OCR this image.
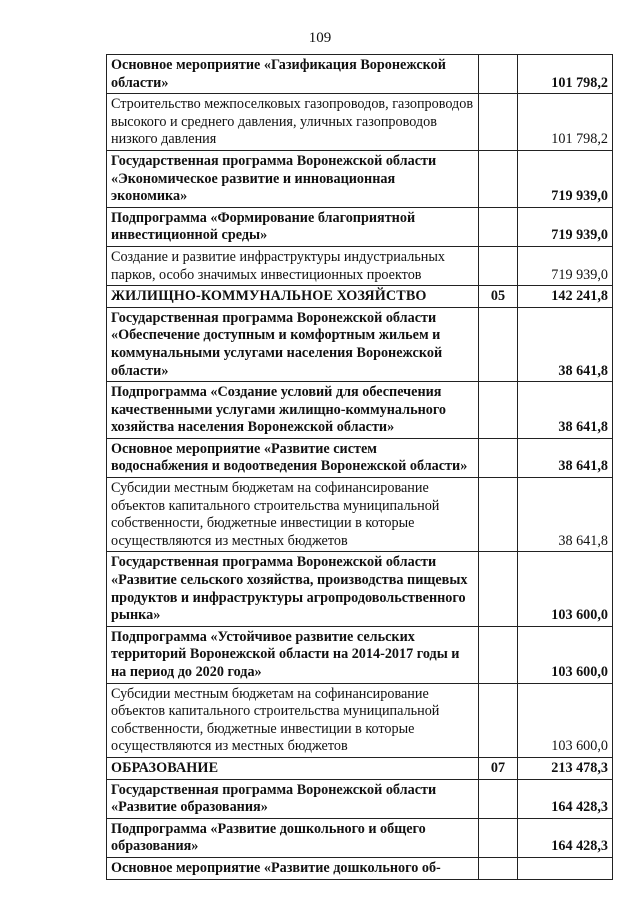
109
Основное мероприятие «Газификация Воронежской области»		101 798,2
Строительство межпоселковых газопроводов, газопроводов высокого и среднего давления, уличных газопроводов низкого давления		101 798,2
Государственная программа Воронежской области «Экономическое развитие и инновационная экономика»		719 939,0
Подпрограмма «Формирование благоприятной инвестиционной среды»		719 939,0
Создание и развитие инфраструктуры индустриальных парков, особо значимых инвестиционных проектов		719 939,0
ЖИЛИЩНО-КОММУНАЛЬНОЕ ХОЗЯЙСТВО	05	142 241,8
Государственная программа Воронежской области «Обеспечение доступным и комфортным жильем и коммунальными услугами населения Воронежской области»		38 641,8
Подпрограмма «Создание условий для обеспечения качественными услугами жилищно-коммунального хозяйства населения Воронежской области»		38 641,8
Основное мероприятие «Развитие систем водоснабжения и водоотведения Воронежской области»		38 641,8
Субсидии местным бюджетам на софинансирование объектов капитального строительства муниципальной собственности, бюджетные инвестиции в которые осуществляются из местных бюджетов		38 641,8
Государственная программа Воронежской области «Развитие сельского хозяйства, производства пищевых продуктов и инфраструктуры агропродовольственного рынка»		103 600,0
Подпрограмма «Устойчивое развитие сельских территорий Воронежской области на 2014-2017 годы и на период до 2020 года»		103 600,0
Субсидии местным бюджетам на софинансирование объектов капитального строительства муниципальной собственности, бюджетные инвестиции в которые осуществляются из местных бюджетов		103 600,0
ОБРАЗОВАНИЕ	07	213 478,3
Государственная программа Воронежской области «Развитие образования»		164 428,3
Подпрограмма «Развитие дошкольного и общего образования»		164 428,3
Основное мероприятие «Развитие дошкольного об-		
